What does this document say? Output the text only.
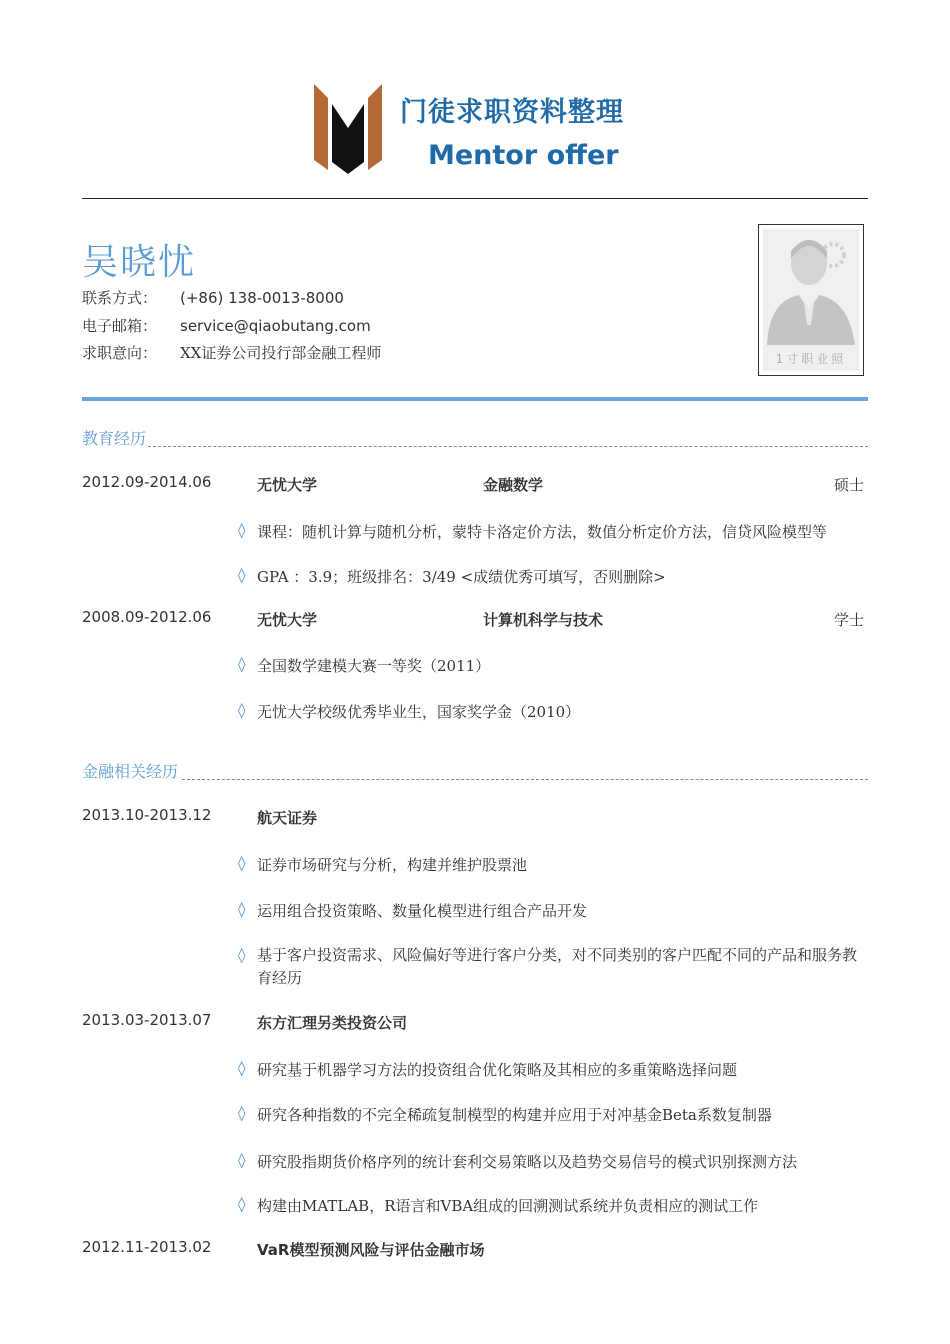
门徒求职资料整理
Mentor offer
吴晓忧
联系方式： (+86) 138-0013-8000
电子邮箱： service@qiaobutang.com
求职意向： XX证券公司投行部金融工程师	1寸职业照
教育经历
2012.09-2014.06	无忧大学	金融数学	硕士
◊ 课程：随机计算与随机分析，蒙特卡洛定价方法，数值分析定价方法，信贷风险模型等
◊ GPA ：3.9；班级排名：3/49 <成绩优秀可填写，否则删除>
2008.09-2012.06	无忧大学	计算机科学与技术	学士
◊ 全国数学建模大赛一等奖（2011）
◊ 无忧大学校级优秀毕业生，国家奖学金（2010）
金融相关经历
2013.10-2013.12	航天证券
◊ 证券市场研究与分析，构建并维护股票池
◊ 运用组合投资策略、数量化模型进行组合产品开发
◊ 基于客户投资需求、风险偏好等进行客户分类，对不同类别的客户匹配不同的产品和服务教育经历
2013.03-2013.07	东方汇理另类投资公司
◊ 研究基于机器学习方法的投资组合优化策略及其相应的多重策略选择问题
◊ 研究各种指数的不完全稀疏复制模型的构建并应用于对冲基金Beta系数复制器
◊ 研究股指期货价格序列的统计套利交易策略以及趋势交易信号的模式识别探测方法
◊ 构建由MATLAB，R语言和VBA组成的回溯测试系统并负责相应的测试工作
2012.11-2013.02	VaR模型预测风险与评估金融市场
